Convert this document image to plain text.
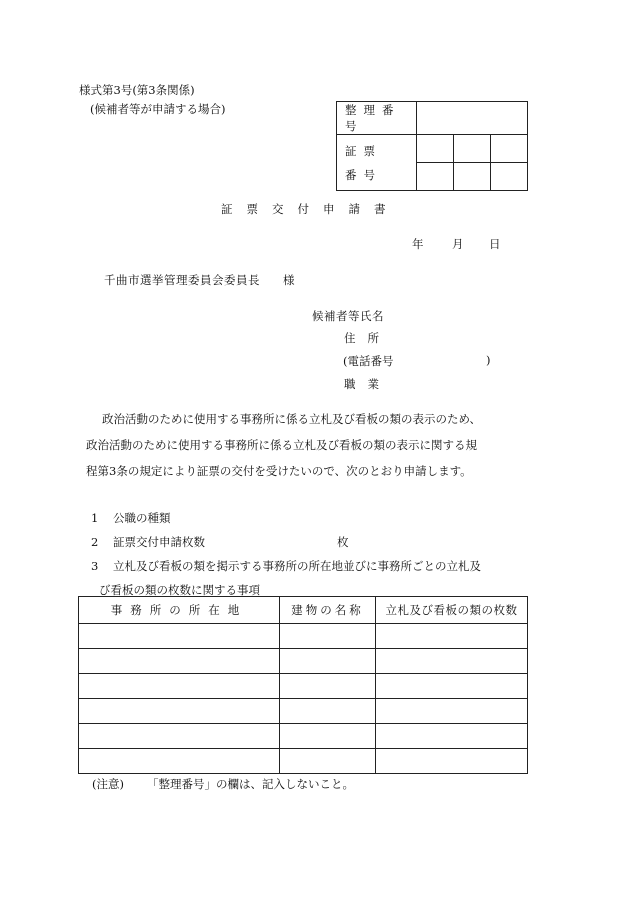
様式第3号(第3条関係)
(候補者等が申請する場合)	整理番号			

証票
番号			

証票交付申請書
年 月 日
千曲市選挙管理委員会委員長 様
候補者等氏名
住所
(電話番号	)
職業
政治活動のために使用する事務所に係る立札及び看板の類の表示のため、
政治活動のために使用する事務所に係る立札及び看板の類の表示に関する規
程第3条の規定により証票の交付を受けたいので、次のとおり申請します。
1 公職の種類
2 証票交付申請枚数	枚
3 立札及び看板の類を掲示する事務所の所在地並びに事務所ごとの立札及
び看板の類の枚数に関する事項
事務所の所在地	建物の名称	立札及び看板の類の枚数

(注意) 「整理番号」の欄は、記入しないこと。
